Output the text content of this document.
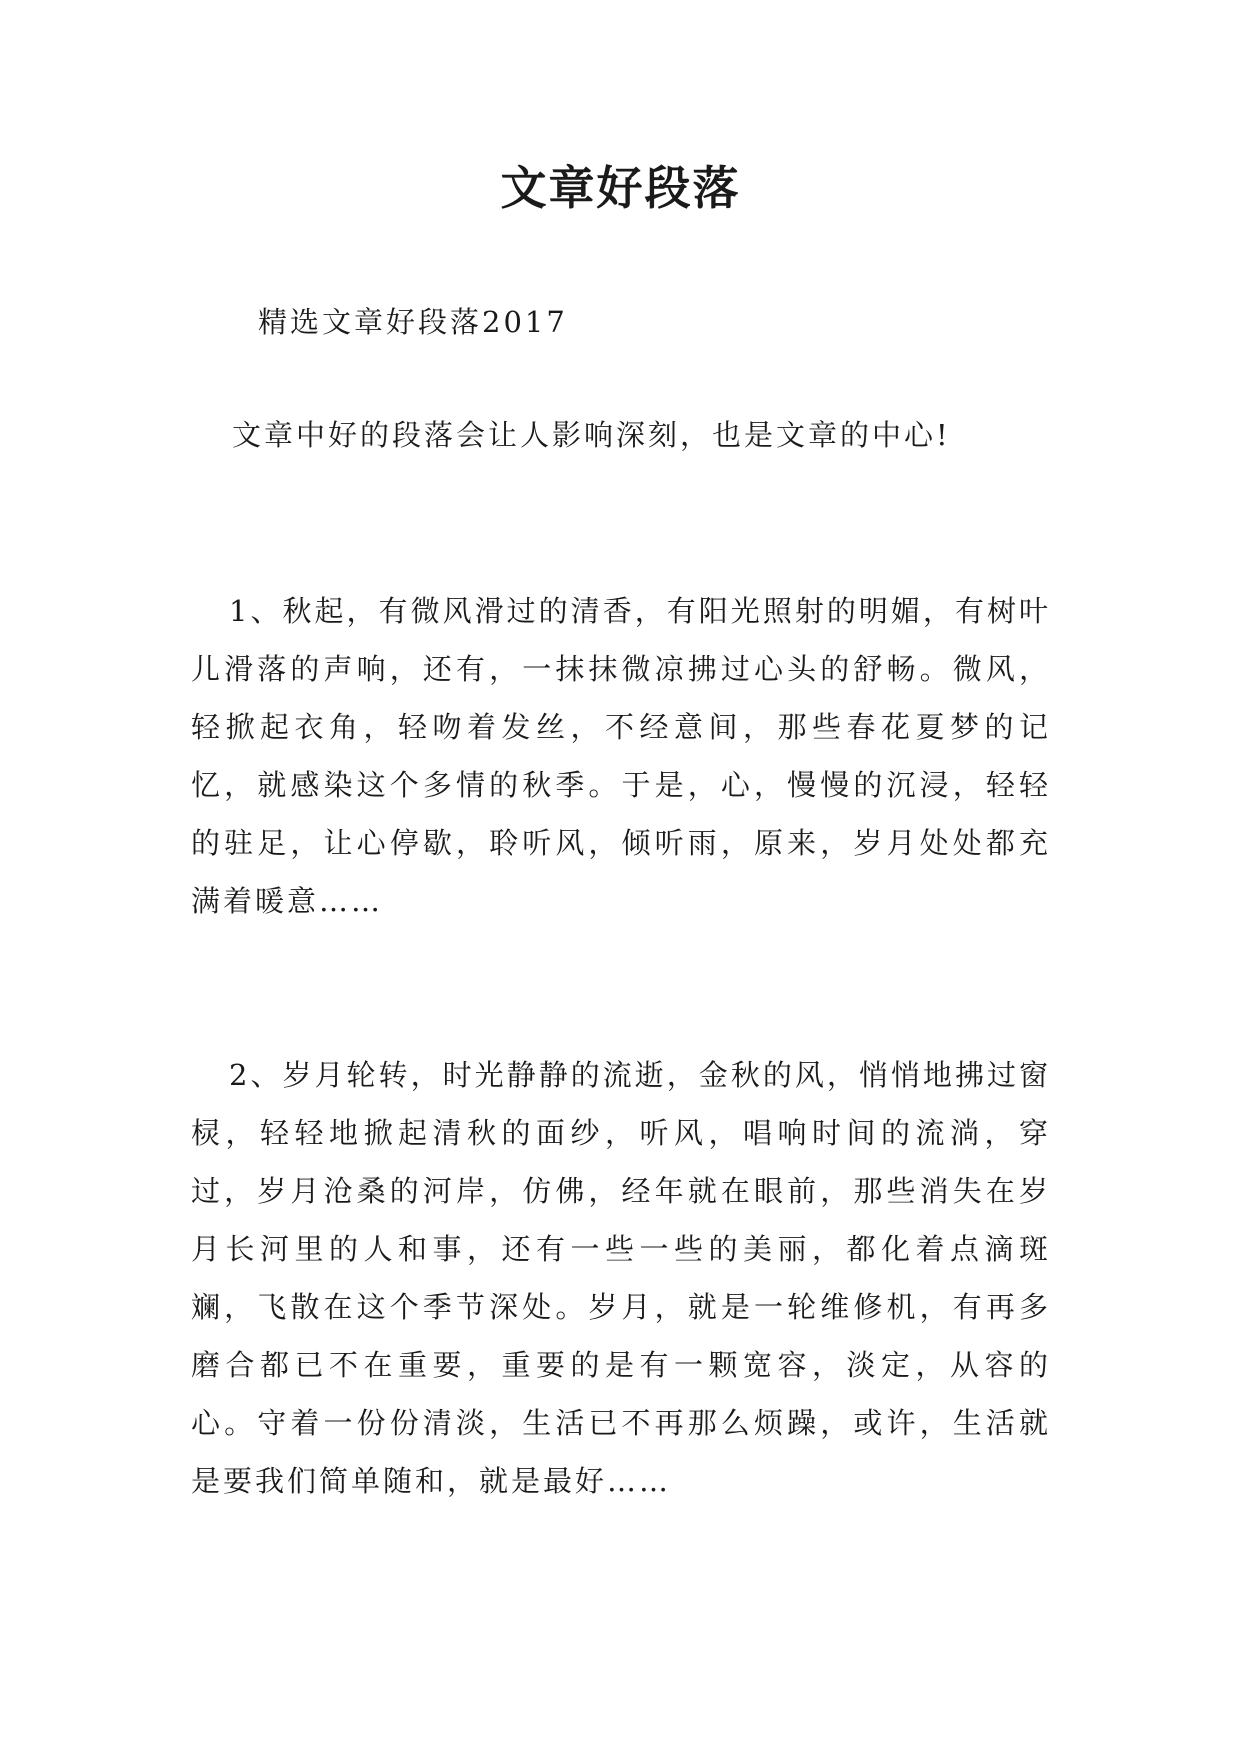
文章好段落

精选文章好段落2017

文章中好的段落会让人影响深刻，也是文章的中心!

1、秋起，有微风滑过的清香，有阳光照射的明媚，有树叶儿滑落的声响，还有，一抹抹微凉拂过心头的舒畅。微风，轻掀起衣角，轻吻着发丝，不经意间，那些春花夏梦的记忆，就感染这个多情的秋季。于是，心，慢慢的沉浸，轻轻的驻足，让心停歇，聆听风，倾听雨，原来，岁月处处都充满着暖意……

2、岁月轮转，时光静静的流逝，金秋的风，悄悄地拂过窗棂，轻轻地掀起清秋的面纱，听风，唱响时间的流淌，穿过，岁月沧桑的河岸，仿佛，经年就在眼前，那些消失在岁月长河里的人和事，还有一些一些的美丽，都化着点滴斑斓，飞散在这个季节深处。岁月，就是一轮维修机，有再多磨合都已不在重要，重要的是有一颗宽容，淡定，从容的心。守着一份份清淡，生活已不再那么烦躁，或许，生活就是要我们简单随和，就是最好……
